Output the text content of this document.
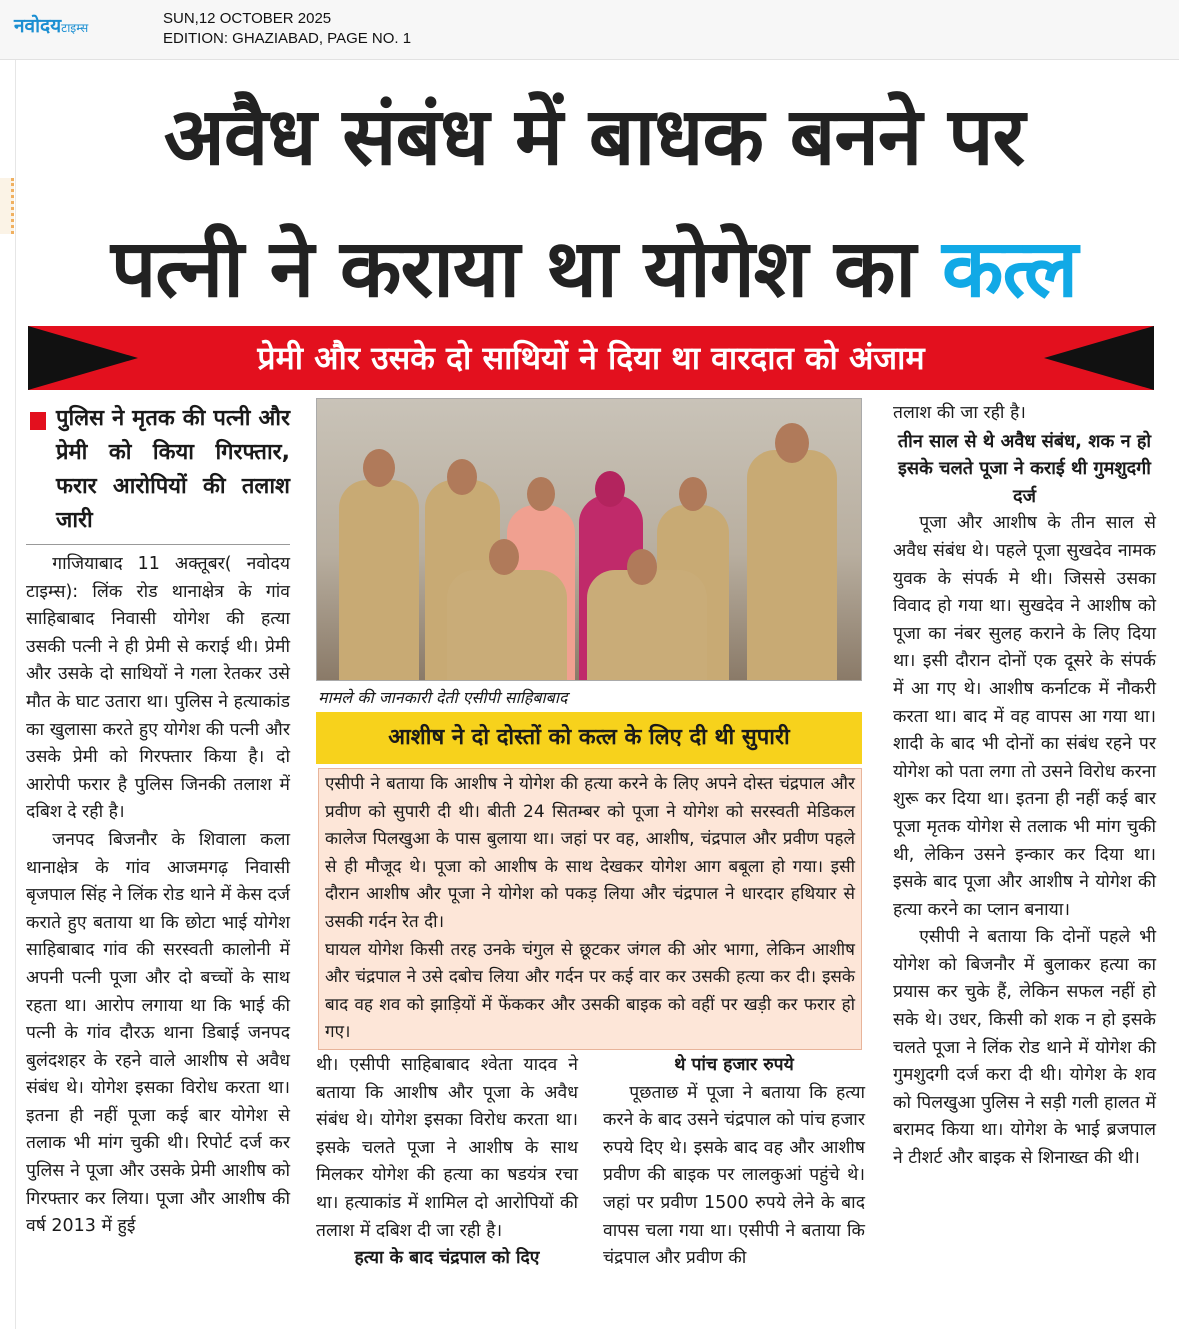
नवोदयटाइम्स
SUN,12 OCTOBER 2025
EDITION: GHAZIABAD, PAGE NO. 1
अवैध संबंध में बाधक बनने पर
पत्नी ने कराया था योगेश का कत्ल
प्रेमी और उसके दो साथियों ने दिया था वारदात को अंजाम
पुलिस ने मृतक की पत्नी और प्रेमी को किया गिरफ्तार, फरार आरोपियों की तलाश जारी

गाजियाबाद 11 अक्तूबर( नवोदय टाइम्स): लिंक रोड थानाक्षेत्र के गांव साहिबाबाद निवासी योगेश की हत्या उसकी पत्नी ने ही प्रेमी से कराई थी। प्रेमी और उसके दो साथियों ने गला रेतकर उसे मौत के घाट उतारा था। पुलिस ने हत्याकांड का खुलासा करते हुए योगेश की पत्नी और उसके प्रेमी को गिरफ्तार किया है। दो आरोपी फरार है पुलिस जिनकी तलाश में दबिश दे रही है।

जनपद बिजनौर के शिवाला कला थानाक्षेत्र के गांव आजमगढ़ निवासी बृजपाल सिंह ने लिंक रोड थाने में केस दर्ज कराते हुए बताया था कि छोटा भाई योगेश साहिबाबाद गांव की सरस्वती कालोनी में अपनी पत्नी पूजा और दो बच्चों के साथ रहता था। आरोप लगाया था कि भाई की पत्नी के गांव दौरऊ थाना डिबाई जनपद बुलंदशहर के रहने वाले आशीष से अवैध संबंध थे। योगेश इसका विरोध करता था। इतना ही नहीं पूजा कई बार योगेश से तलाक भी मांग चुकी थी। रिपोर्ट दर्ज कर पुलिस ने पूजा और उसके प्रेमी आशीष को गिरफ्तार कर लिया। पूजा और आशीष की वर्ष 2013 में हुई

मामले की जानकारी देती एसीपी साहिबाबाद
आशीष ने दो दोस्तों को कत्ल के लिए दी थी सुपारी
एसीपी ने बताया कि आशीष ने योगेश की हत्या करने के लिए अपने दोस्त चंद्रपाल और प्रवीण को सुपारी दी थी। बीती 24 सितम्बर को पूजा ने योगेश को सरस्वती मेडिकल कालेज पिलखुआ के पास बुलाया था। जहां पर वह, आशीष, चंद्रपाल और प्रवीण पहले से ही मौजूद थे। पूजा को आशीष के साथ देखकर योगेश आग बबूला हो गया। इसी दौरान आशीष और पूजा ने योगेश को पकड़ लिया और चंद्रपाल ने धारदार हथियार से उसकी गर्दन रेत दी।
घायल योगेश किसी तरह उनके चंगुल से छूटकर जंगल की ओर भागा, लेकिन आशीष और चंद्रपाल ने उसे दबोच लिया और गर्दन पर कई वार कर उसकी हत्या कर दी। इसके बाद वह शव को झाड़ियों में फेंककर और उसकी बाइक को वहीं पर खड़ी कर फरार हो गए।
थी। एसीपी साहिबाबाद श्वेता यादव ने बताया कि आशीष और पूजा के अवैध संबंध थे। योगेश इसका विरोध करता था। इसके चलते पूजा ने आशीष के साथ मिलकर योगेश की हत्या का षडयंत्र रचा था। हत्याकांड में शामिल दो आरोपियों की तलाश में दबिश दी जा रही है।
हत्या के बाद चंद्रपाल को दिए
थे पांच हजार रुपये

पूछताछ में पूजा ने बताया कि हत्या करने के बाद उसने चंद्रपाल को पांच हजार रुपये दिए थे। इसके बाद वह और आशीष प्रवीण की बाइक पर लालकुआं पहुंचे थे। जहां पर प्रवीण 1500 रुपये लेने के बाद वापस चला गया था। एसीपी ने बताया कि चंद्रपाल और प्रवीण की

तलाश की जा रही है।
तीन साल से थे अवैध संबंध, शक न हो इसके चलते पूजा ने कराई थी गुमशुदगी दर्ज

पूजा और आशीष के तीन साल से अवैध संबंध थे। पहले पूजा सुखदेव नामक युवक के संपर्क मे थी। जिससे उसका विवाद हो गया था। सुखदेव ने आशीष को पूजा का नंबर सुलह कराने के लिए दिया था। इसी दौरान दोनों एक दूसरे के संपर्क में आ गए थे। आशीष कर्नाटक में नौकरी करता था। बाद में वह वापस आ गया था। शादी के बाद भी दोनों का संबंध रहने पर योगेश को पता लगा तो उसने विरोध करना शुरू कर दिया था। इतना ही नहीं कई बार पूजा मृतक योगेश से तलाक भी मांग चुकी थी, लेकिन उसने इन्कार कर दिया था। इसके बाद पूजा और आशीष ने योगेश की हत्या करने का प्लान बनाया।

एसीपी ने बताया कि दोनों पहले भी योगेश को बिजनौर में बुलाकर हत्या का प्रयास कर चुके हैं, लेकिन सफल नहीं हो सके थे। उधर, किसी को शक न हो इसके चलते पूजा ने लिंक रोड थाने में योगेश की गुमशुदगी दर्ज करा दी थी। योगेश के शव को पिलखुआ पुलिस ने सड़ी गली हालत में बरामद किया था। योगेश के भाई ब्रजपाल ने टीशर्ट और बाइक से शिनाख्त की थी।
